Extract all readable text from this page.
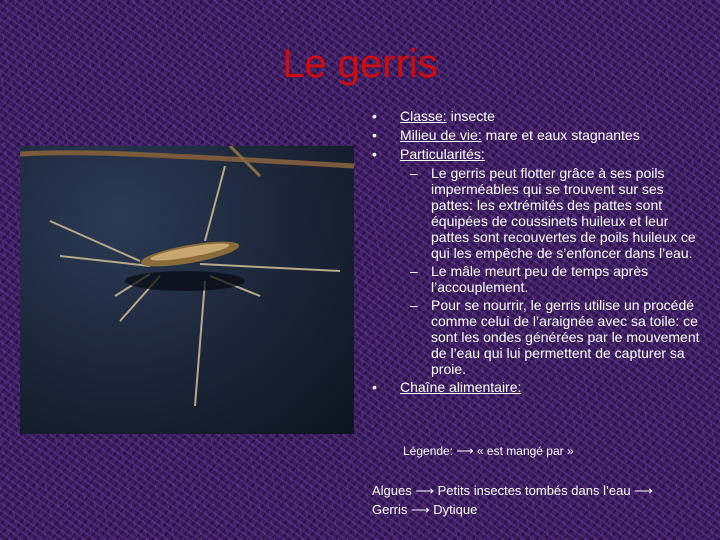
Le gerris
• Classe: insecte
• Milieu de vie: mare et eaux stagnantes
• Particularités:
– Le gerris peut flotter grâce à ses poils imperméables qui se trouvent sur ses pattes: les extrémités des pattes sont équipées de coussinets huileux et leur pattes sont recouvertes de poils huileux ce qui les empêche de s’enfoncer dans l’eau.
– Le mâle meurt peu de temps après l’accouplement.
– Pour se nourrir, le gerris utilise un procédé comme celui de l’araignée avec sa toile: ce sont les ondes générées par le mouvement de l’eau qui lui permettent de capturer sa proie.
• Chaîne alimentaire:
Légende: ⟶ « est mangé par »
Algues ⟶ Petits insectes tombés dans l’eau ⟶
Gerris ⟶ Dytique
